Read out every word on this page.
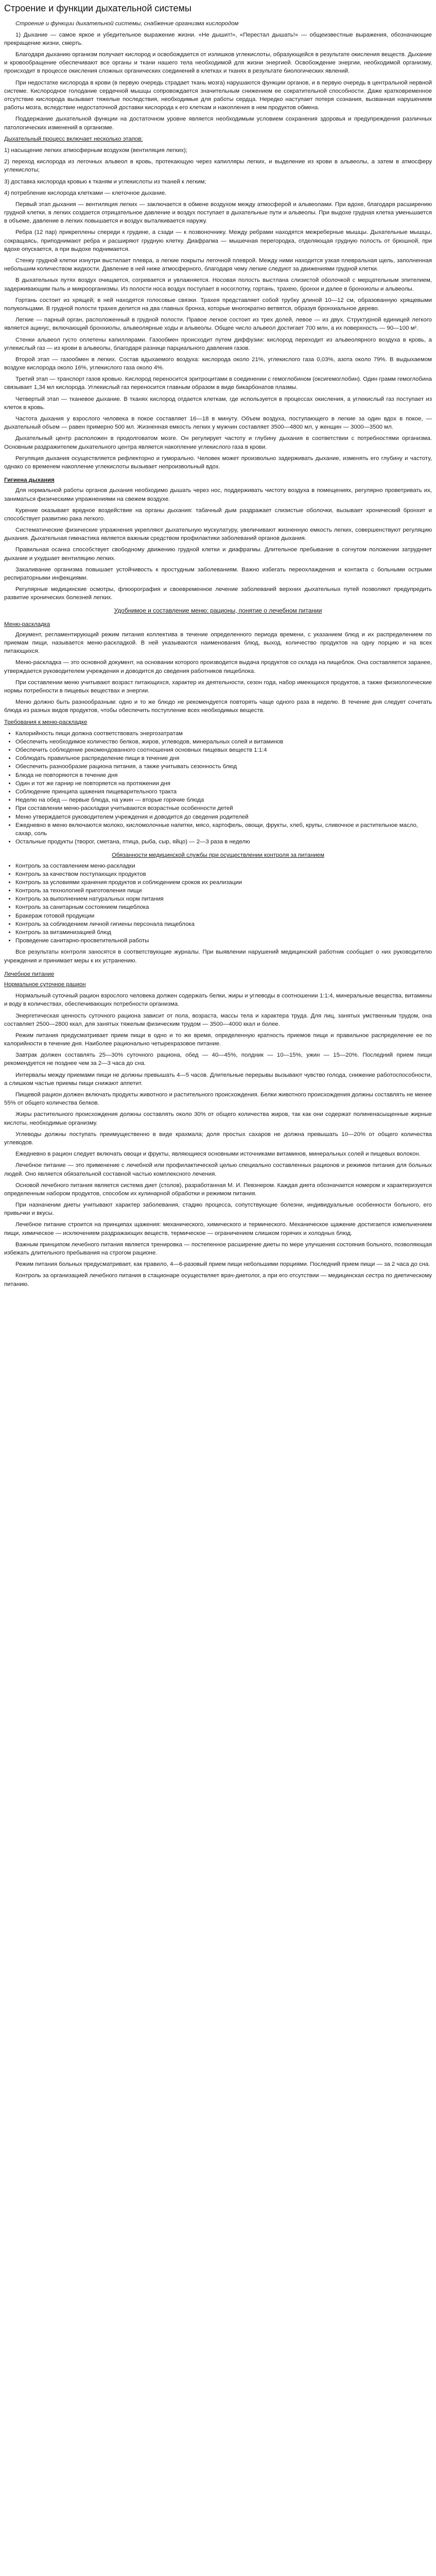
Строение и функции дыхательной системы

Строение и функции дыхательной системы, снабжение организма кислородом

1) Дыхание — самое яркое и убедительное выражение жизни. «Не дышит!», «Перестал дышать!» — общеизвестные выражения, обозначающие прекращение жизни, смерть.

Благодаря дыханию организм получает кислород и освобождается от излишков углекислоты, образующейся в результате окисления веществ. Дыхание и кровообращение обеспечивают все органы и ткани нашего тела необходимой для жизни энергией. Освобождение энергии, необходимой организму, происходит в процессе окисления сложных органических соединений в клетках и тканях в результате биологических явлений.

При недостатке кислорода в крови (в первую очередь страдает ткань мозга) нарушаются функции органов, и в первую очередь в центральной нервной системе. Кислородное голодание сердечной мышцы сопровождается значительным снижением ее сократительной способности. Даже кратковременное отсутствие кислорода вызывает тяжелые последствия, необходимые для работы сердца. Нередко наступает потеря сознания, вызванная нарушением работы мозга, вследствие недостаточной доставки кислорода к его клеткам и накопления в нем продуктов обмена.

Поддержание дыхательной функции на достаточном уровне является необходимым условием сохранения здоровья и предупреждения различных патологических изменений в организме.

Дыхательный процесс включает несколько этапов:

1) насыщение легких атмосферным воздухом (вентиляция легких);

2) переход кислорода из легочных альвеол в кровь, протекающую через капилляры легких, и выделение из крови в альвеолы, а затем в атмосферу углекислоты;

3) доставка кислорода кровью к тканям и углекислоты из тканей к легким;

4) потребление кислорода клетками — клеточное дыхание.

Первый этап дыхания — вентиляция легких — заключается в обмене воздухом между атмосферой и альвеолами. При вдохе, благодаря расширению грудной клетки, в легких создается отрицательное давление и воздух поступает в дыхательные пути и альвеолы. При выдохе грудная клетка уменьшается в объеме, давление в легких повышается и воздух выталкивается наружу.

Ребра (12 пар) прикреплены спереди к грудине, а сзади — к позвоночнику. Между ребрами находятся межреберные мышцы. Дыхательные мышцы, сокращаясь, приподнимают ребра и расширяют грудную клетку. Диафрагма — мышечная перегородка, отделяющая грудную полость от брюшной, при вдохе опускается, а при выдохе поднимается.

Стенку грудной клетки изнутри выстилает плевра, а легкие покрыты легочной плеврой. Между ними находится узкая плевральная щель, заполненная небольшим количеством жидкости. Давление в ней ниже атмосферного, благодаря чему легкие следуют за движениями грудной клетки.

В дыхательных путях воздух очищается, согревается и увлажняется. Носовая полость выстлана слизистой оболочкой с мерцательным эпителием, задерживающим пыль и микроорганизмы. Из полости носа воздух поступает в носоглотку, гортань, трахею, бронхи и далее в бронхиолы и альвеолы.

Гортань состоит из хрящей; в ней находятся голосовые связки. Трахея представляет собой трубку длиной 10—12 см, образованную хрящевыми полукольцами. В грудной полости трахея делится на два главных бронха, которые многократно ветвятся, образуя бронхиальное дерево.

Легкие — парный орган, расположенный в грудной полости. Правое легкое состоит из трех долей, левое — из двух. Структурной единицей легкого является ацинус, включающий бронхиолы, альвеолярные ходы и альвеолы. Общее число альвеол достигает 700 млн, а их поверхность — 90—100 м².

Стенки альвеол густо оплетены капиллярами. Газообмен происходит путем диффузии: кислород переходит из альвеолярного воздуха в кровь, а углекислый газ — из крови в альвеолы, благодаря разнице парциального давления газов.

Второй этап — газообмен в легких. Состав вдыхаемого воздуха: кислорода около 21%, углекислого газа 0,03%, азота около 79%. В выдыхаемом воздухе кислорода около 16%, углекислого газа около 4%.

Третий этап — транспорт газов кровью. Кислород переносится эритроцитами в соединении с гемоглобином (оксигемоглобин). Один грамм гемоглобина связывает 1,34 мл кислорода. Углекислый газ переносится главным образом в виде бикарбонатов плазмы.

Четвертый этап — тканевое дыхание. В тканях кислород отдается клеткам, где используется в процессах окисления, а углекислый газ поступает из клеток в кровь.

Частота дыхания у взрослого человека в покое составляет 16—18 в минуту. Объем воздуха, поступающего в легкие за один вдох в покое, — дыхательный объем — равен примерно 500 мл. Жизненная емкость легких у мужчин составляет 3500—4800 мл, у женщин — 3000—3500 мл.

Дыхательный центр расположен в продолговатом мозге. Он регулирует частоту и глубину дыхания в соответствии с потребностями организма. Основным раздражителем дыхательного центра является накопление углекислого газа в крови.

Регуляция дыхания осуществляется рефлекторно и гуморально. Человек может произвольно задерживать дыхание, изменять его глубину и частоту, однако со временем накопление углекислоты вызывает непроизвольный вдох.

Гигиена дыхания

Для нормальной работы органов дыхания необходимо дышать через нос, поддерживать чистоту воздуха в помещениях, регулярно проветривать их, заниматься физическими упражнениями на свежем воздухе.

Курение оказывает вредное воздействие на органы дыхания: табачный дым раздражает слизистые оболочки, вызывает хронический бронхит и способствует развитию рака легкого.

Систематические физические упражнения укрепляют дыхательную мускулатуру, увеличивают жизненную емкость легких, совершенствуют регуляцию дыхания. Дыхательная гимнастика является важным средством профилактики заболеваний органов дыхания.

Правильная осанка способствует свободному движению грудной клетки и диафрагмы. Длительное пребывание в согнутом положении затрудняет дыхание и ухудшает вентиляцию легких.

Закаливание организма повышает устойчивость к простудным заболеваниям. Важно избегать переохлаждения и контакта с больными острыми респираторными инфекциями.

Регулярные медицинские осмотры, флюорография и своевременное лечение заболеваний верхних дыхательных путей позволяют предупредить развитие хронических болезней легких.

Удобнимое и составление меню: рационы, понятие о лечебном питании
Меню-раскладка

Документ, регламентирующий режим питания коллектива в течение определенного периода времени, с указанием блюд и их распределением по приемам пищи, называется меню-раскладкой. В ней указываются наименования блюд, выход, количество продуктов на одну порцию и на всех питающихся.

Меню-раскладка — это основной документ, на основании которого производится выдача продуктов со склада на пищеблок. Она составляется заранее, утверждается руководителем учреждения и доводится до сведения работников пищеблока.

При составлении меню учитывают возраст питающихся, характер их деятельности, сезон года, набор имеющихся продуктов, а также физиологические нормы потребности в пищевых веществах и энергии.

Меню должно быть разнообразным: одно и то же блюдо не рекомендуется повторять чаще одного раза в неделю. В течение дня следует сочетать блюда из разных видов продуктов, чтобы обеспечить поступление всех необходимых веществ.

Требования к меню-раскладке

• Калорийность пищи должна соответствовать энергозатратам
• Обеспечить необходимое количество белков, жиров, углеводов, минеральных солей и витаминов
• Обеспечить соблюдение рекомендованного соотношения основных пищевых веществ 1:1:4
• Соблюдать правильное распределение пищи в течение дня
• Обеспечить разнообразие рациона питания, а также учитывать сезонность блюд
• Блюда не повторяются в течение дня
• Один и тот же гарнир не повторяется на протяжении дня
• Соблюдение принципа щажения пищеварительного тракта
• Неделю на обед — первые блюда, на ужин — вторые горячие блюда
• При составлении меню-раскладки учитываются возрастные особенности детей
• Меню утверждается руководителем учреждения и доводится до сведения родителей
• Ежедневно в меню включаются молоко, кисломолочные напитки, мясо, картофель, овощи, фрукты, хлеб, крупы, сливочное и растительное масло, сахар, соль
• Остальные продукты (творог, сметана, птица, рыба, сыр, яйцо) — 2—3 раза в неделю
Обязанности медицинской службы при осуществлении контроля за питанием
• Контроль за составлением меню-раскладки
• Контроль за качеством поступающих продуктов
• Контроль за условиями хранения продуктов и соблюдением сроков их реализации
• Контроль за технологией приготовления пищи
• Контроль за выполнением натуральных норм питания
• Контроль за санитарным состоянием пищеблока
• Бракераж готовой продукции
• Контроль за соблюдением личной гигиены персонала пищеблока
• Контроль за витаминизацией блюд
• Проведение санитарно-просветительной работы

Все результаты контроля заносятся в соответствующие журналы. При выявлении нарушений медицинский работник сообщает о них руководителю учреждения и принимает меры к их устранению.

Лечебное питание

Нормальное суточное рацион

Нормальный суточный рацион взрослого человека должен содержать белки, жиры и углеводы в соотношении 1:1:4, минеральные вещества, витамины и воду в количествах, обеспечивающих потребности организма.

Энергетическая ценность суточного рациона зависит от пола, возраста, массы тела и характера труда. Для лиц, занятых умственным трудом, она составляет 2500—2800 ккал, для занятых тяжелым физическим трудом — 3500—4000 ккал и более.

Режим питания предусматривает прием пищи в одно и то же время, определенную кратность приемов пищи и правильное распределение ее по калорийности в течение дня. Наиболее рационально четырехразовое питание.

Завтрак должен составлять 25—30% суточного рациона, обед — 40—45%, полдник — 10—15%, ужин — 15—20%. Последний прием пищи рекомендуется не позднее чем за 2—3 часа до сна.

Интервалы между приемами пищи не должны превышать 4—5 часов. Длительные перерывы вызывают чувство голода, снижение работоспособности, а слишком частые приемы пищи снижают аппетит.

Пищевой рацион должен включать продукты животного и растительного происхождения. Белки животного происхождения должны составлять не менее 55% от общего количества белков.

Жиры растительного происхождения должны составлять около 30% от общего количества жиров, так как они содержат полиненасыщенные жирные кислоты, необходимые организму.

Углеводы должны поступать преимущественно в виде крахмала; доля простых сахаров не должна превышать 10—20% от общего количества углеводов.

Ежедневно в рацион следует включать овощи и фрукты, являющиеся основными источниками витаминов, минеральных солей и пищевых волокон.

Лечебное питание — это применение с лечебной или профилактической целью специально составленных рационов и режимов питания для больных людей. Оно является обязательной составной частью комплексного лечения.

Основой лечебного питания является система диет (столов), разработанная М. И. Певзнером. Каждая диета обозначается номером и характеризуется определенным набором продуктов, способом их кулинарной обработки и режимом питания.

При назначении диеты учитывают характер заболевания, стадию процесса, сопутствующие болезни, индивидуальные особенности больного, его привычки и вкусы.

Лечебное питание строится на принципах щажения: механического, химического и термического. Механическое щажение достигается измельчением пищи, химическое — исключением раздражающих веществ, термическое — ограничением слишком горячих и холодных блюд.

Важным принципом лечебного питания является тренировка — постепенное расширение диеты по мере улучшения состояния больного, позволяющая избежать длительного пребывания на строгом рационе.

Режим питания больных предусматривает, как правило, 4—6-разовый прием пищи небольшими порциями. Последний прием пищи — за 2 часа до сна.

Контроль за организацией лечебного питания в стационаре осуществляет врач-диетолог, а при его отсутствии — медицинская сестра по диетическому питанию.
